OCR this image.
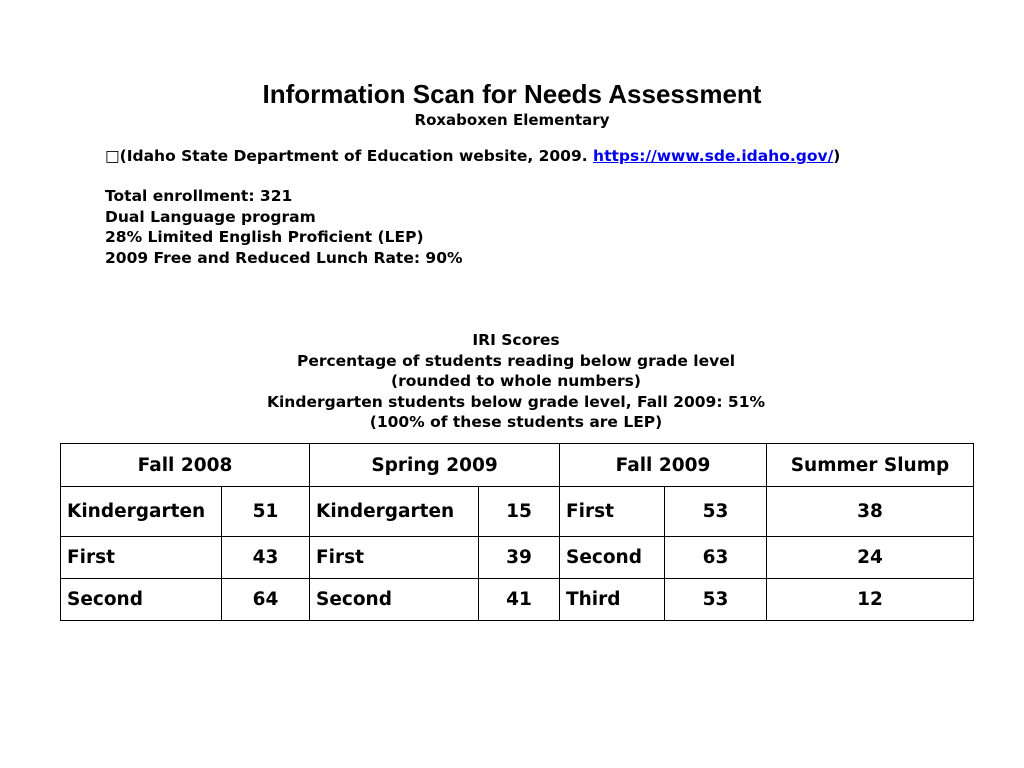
Information Scan for Needs Assessment
Roxaboxen Elementary
□(Idaho State Department of Education website, 2009. https://www.sde.idaho.gov/)
Total enrollment: 321
Dual Language program
28% Limited English Proficient (LEP)
2009 Free and Reduced Lunch Rate: 90%
IRI Scores
Percentage of students reading below grade level
(rounded to whole numbers)
Kindergarten students below grade level, Fall 2009: 51%
(100% of these students are LEP)
Fall 2008		Spring 2009		Fall 2009		Summer Slump
Kindergarten	51	Kindergarten	15	First	53	38
First	43	First	39	Second	63	24
Second	64	Second	41	Third	53	12
